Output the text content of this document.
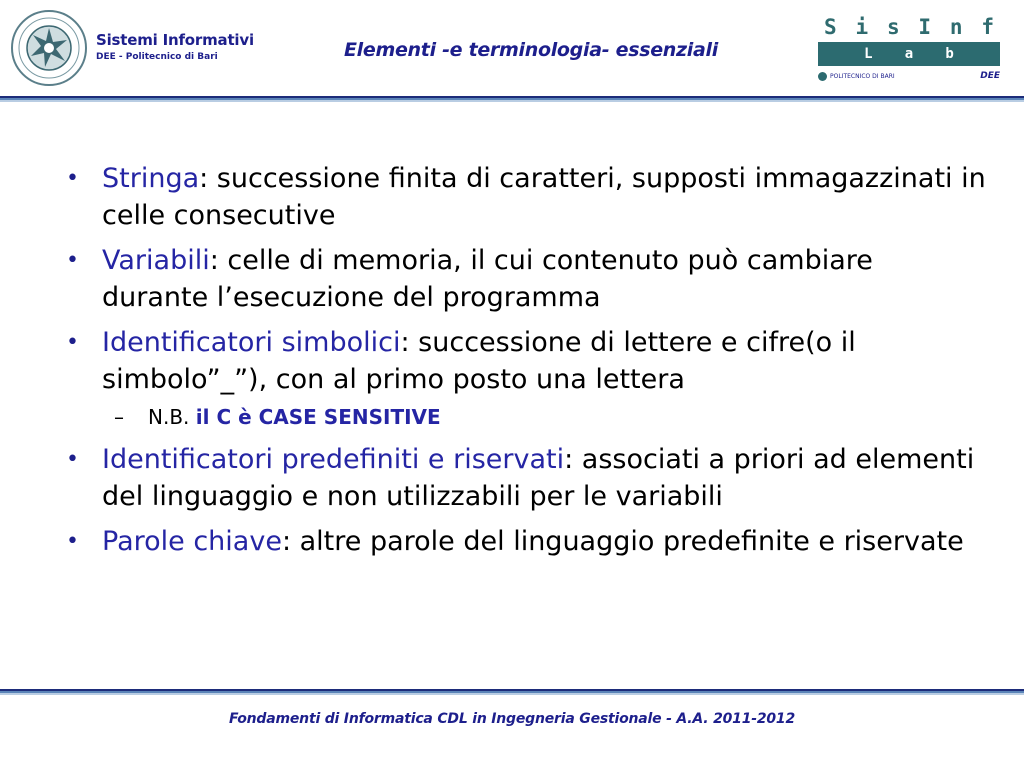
Sistemi Informativi
DEE - Politecnico di Bari	Elementi -e terminologia- essenziali
S i s I n f
L a b
POLITECNICO DI BARI	DEE
• Stringa: successione finita di caratteri, supposti immagazzinati in celle consecutive
• Variabili: celle di memoria, il cui contenuto può cambiare durante l’esecuzione del programma
• Identificatori simbolici: successione di lettere e cifre(o il simbolo”_”), con al primo posto una lettera
–	N.B. il C è CASE SENSITIVE
• Identificatori predefiniti e riservati: associati a priori ad elementi del linguaggio e non utilizzabili per le variabili
• Parole chiave: altre parole del linguaggio predefinite e riservate
Fondamenti di Informatica CDL in Ingegneria Gestionale - A.A. 2011-2012
